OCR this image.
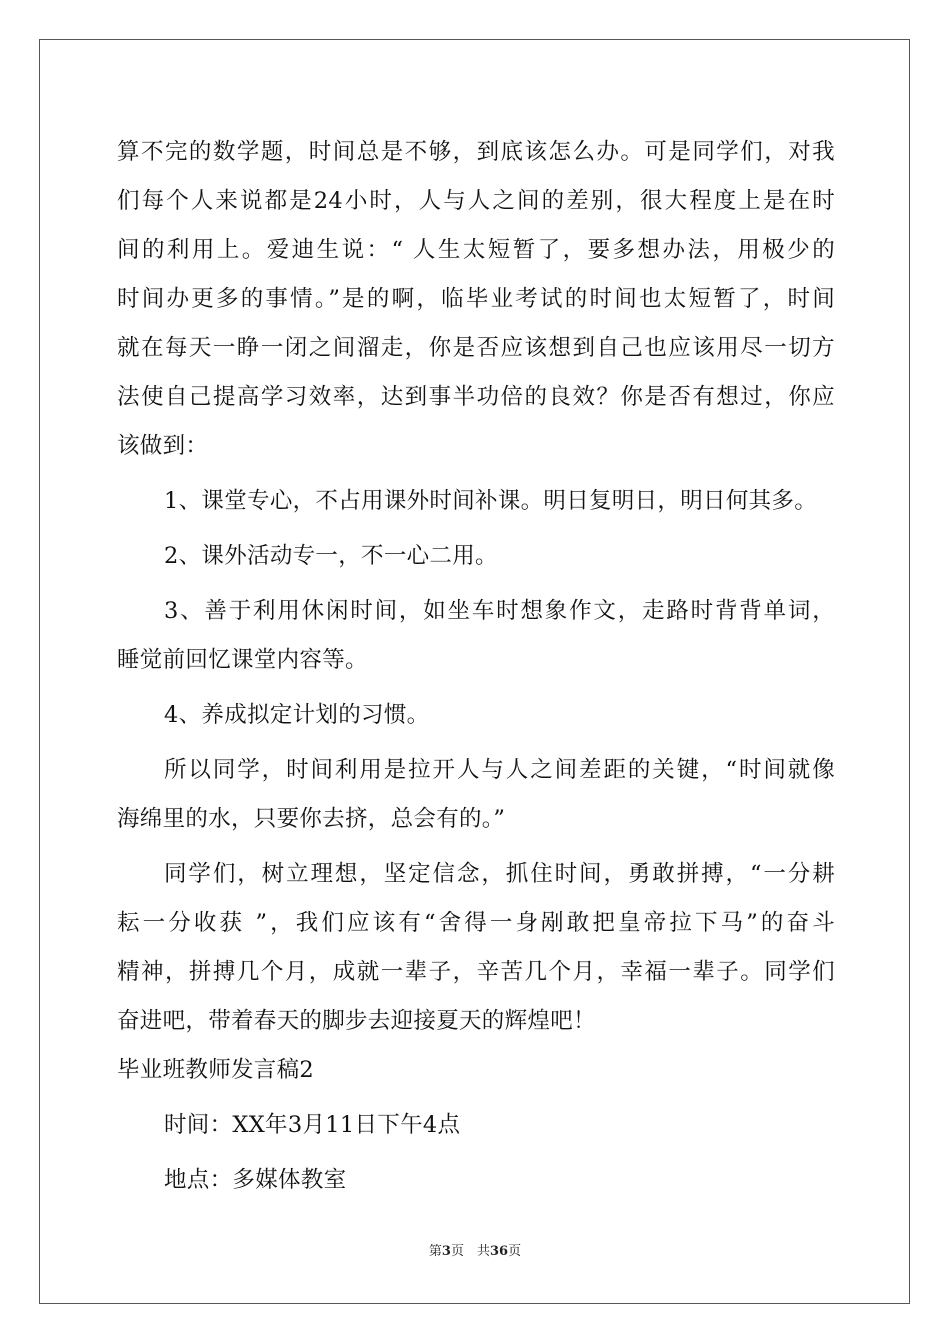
算不完的数学题，时间总是不够，到底该怎么办。可是同学们，对我
们每个人来说都是24小时，人与人之间的差别，很大程度上是在时
间的利用上。爱迪生说：“ 人生太短暂了，要多想办法，用极少的
时间办更多的事情。”是的啊，临毕业考试的时间也太短暂了，时间
就在每天一睁一闭之间溜走，你是否应该想到自己也应该用尽一切方
法使自己提高学习效率，达到事半功倍的良效？你是否有想过，你应
该做到：
1、课堂专心，不占用课外时间补课。明日复明日，明日何其多。
2、课外活动专一，不一心二用。
3、善于利用休闲时间，如坐车时想象作文，走路时背背单词，
睡觉前回忆课堂内容等。
4、养成拟定计划的习惯。
所以同学，时间利用是拉开人与人之间差距的关键，“时间就像
海绵里的水，只要你去挤，总会有的。”
同学们，树立理想，坚定信念，抓住时间，勇敢拼搏，“一分耕
耘一分收获 ”，我们应该有“舍得一身剐敢把皇帝拉下马”的奋斗
精神，拼搏几个月，成就一辈子，辛苦几个月，幸福一辈子。同学们
奋进吧，带着春天的脚步去迎接夏天的辉煌吧！
毕业班教师发言稿2
时间：XX年3月11日下午4点
地点：多媒体教室
第3页　共36页
